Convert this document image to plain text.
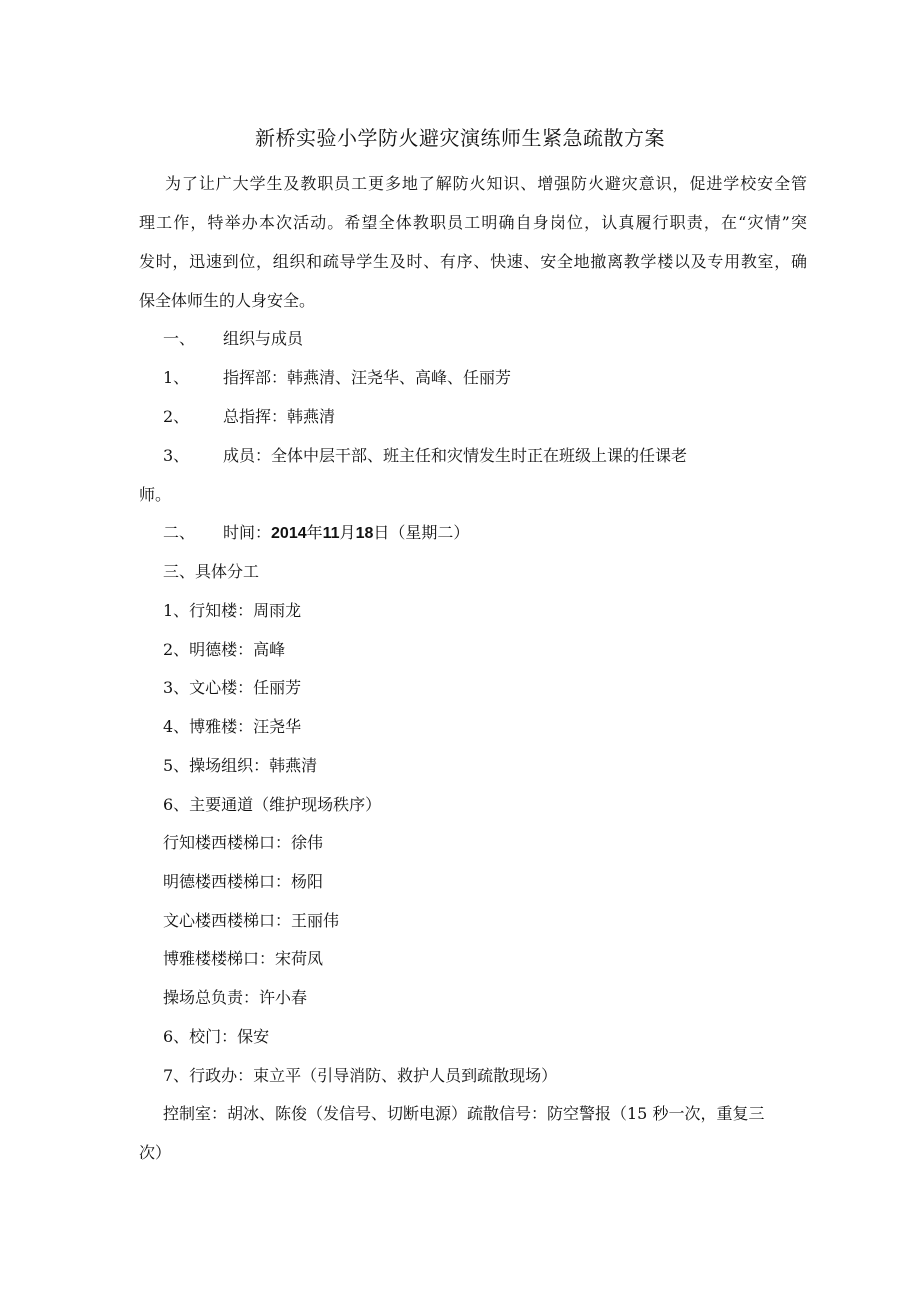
新桥实验小学防火避灾演练师生紧急疏散方案
为了让广大学生及教职员工更多地了解防火知识、增强防火避灾意识，促进学校安全管
理工作，特举办本次活动。希望全体教职员工明确自身岗位，认真履行职责，在“灾情”突
发时，迅速到位，组织和疏导学生及时、有序、快速、安全地撤离教学楼以及专用教室，确
保全体师生的人身安全。
一、 组织与成员
1、 指挥部：韩燕清、汪尧华、高峰、任丽芳
2、 总指挥：韩燕清
3、 成员：全体中层干部、班主任和灾情发生时正在班级上课的任课老
师。
二、 时间：2014年11月18日（星期二）
三、具体分工
1、行知楼：周雨龙
2、明德楼：高峰
3、文心楼：任丽芳
4、博雅楼：汪尧华
5、操场组织：韩燕清
6、主要通道（维护现场秩序）
行知楼西楼梯口：徐伟
明德楼西楼梯口：杨阳
文心楼西楼梯口：王丽伟
博雅楼楼梯口：宋荷凤
操场总负责：许小春
6、校门：保安
7、行政办：束立平（引导消防、救护人员到疏散现场）
控制室：胡冰、陈俊（发信号、切断电源）疏散信号：防空警报（15 秒一次，重复三
次）
